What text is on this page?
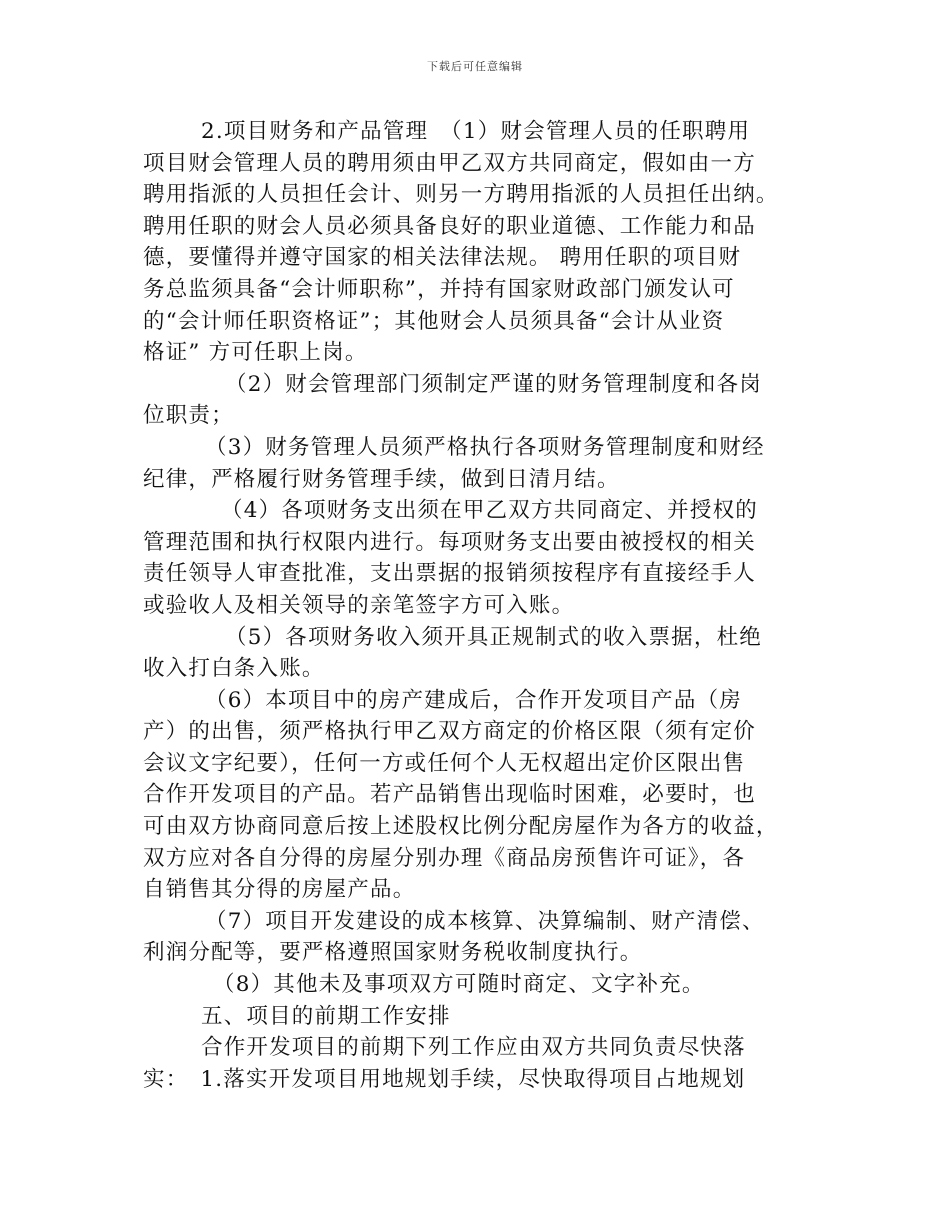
下载后可任意编辑
2.项目财务和产品管理　（1）财会管理人员的任职聘用
项目财会管理人员的聘用须由甲乙双方共同商定，假如由一方
聘用指派的人员担任会计、则另一方聘用指派的人员担任出纳。
聘用任职的财会人员必须具备良好的职业道德、工作能力和品
德，要懂得并遵守国家的相关法律法规。 聘用任职的项目财
务总监须具备“会计师职称”，并持有国家财政部门颁发认可
的“会计师任职资格证”；其他财会人员须具备“会计从业资
格证” 方可任职上岗。
（2）财会管理部门须制定严谨的财务管理制度和各岗
位职责；
（3）财务管理人员须严格执行各项财务管理制度和财经
纪律，严格履行财务管理手续，做到日清月结。
（4）各项财务支出须在甲乙双方共同商定、并授权的
管理范围和执行权限内进行。每项财务支出要由被授权的相关
责任领导人审查批准，支出票据的报销须按程序有直接经手人
或验收人及相关领导的亲笔签字方可入账。
（5）各项财务收入须开具正规制式的收入票据，杜绝
收入打白条入账。
（6）本项目中的房产建成后，合作开发项目产品（房
产）的出售，须严格执行甲乙双方商定的价格区限（须有定价
会议文字纪要），任何一方或任何个人无权超出定价区限出售
合作开发项目的产品。若产品销售出现临时困难，必要时，也
可由双方协商同意后按上述股权比例分配房屋作为各方的收益，
双方应对各自分得的房屋分别办理《商品房预售许可证》，各
自销售其分得的房屋产品。
（7）项目开发建设的成本核算、决算编制、财产清偿、
利润分配等，要严格遵照国家财务税收制度执行。
（8）其他未及事项双方可随时商定、文字补充。
五、项目的前期工作安排
合作开发项目的前期下列工作应由双方共同负责尽快落
实：　1.落实开发项目用地规划手续，尽快取得项目占地规划
